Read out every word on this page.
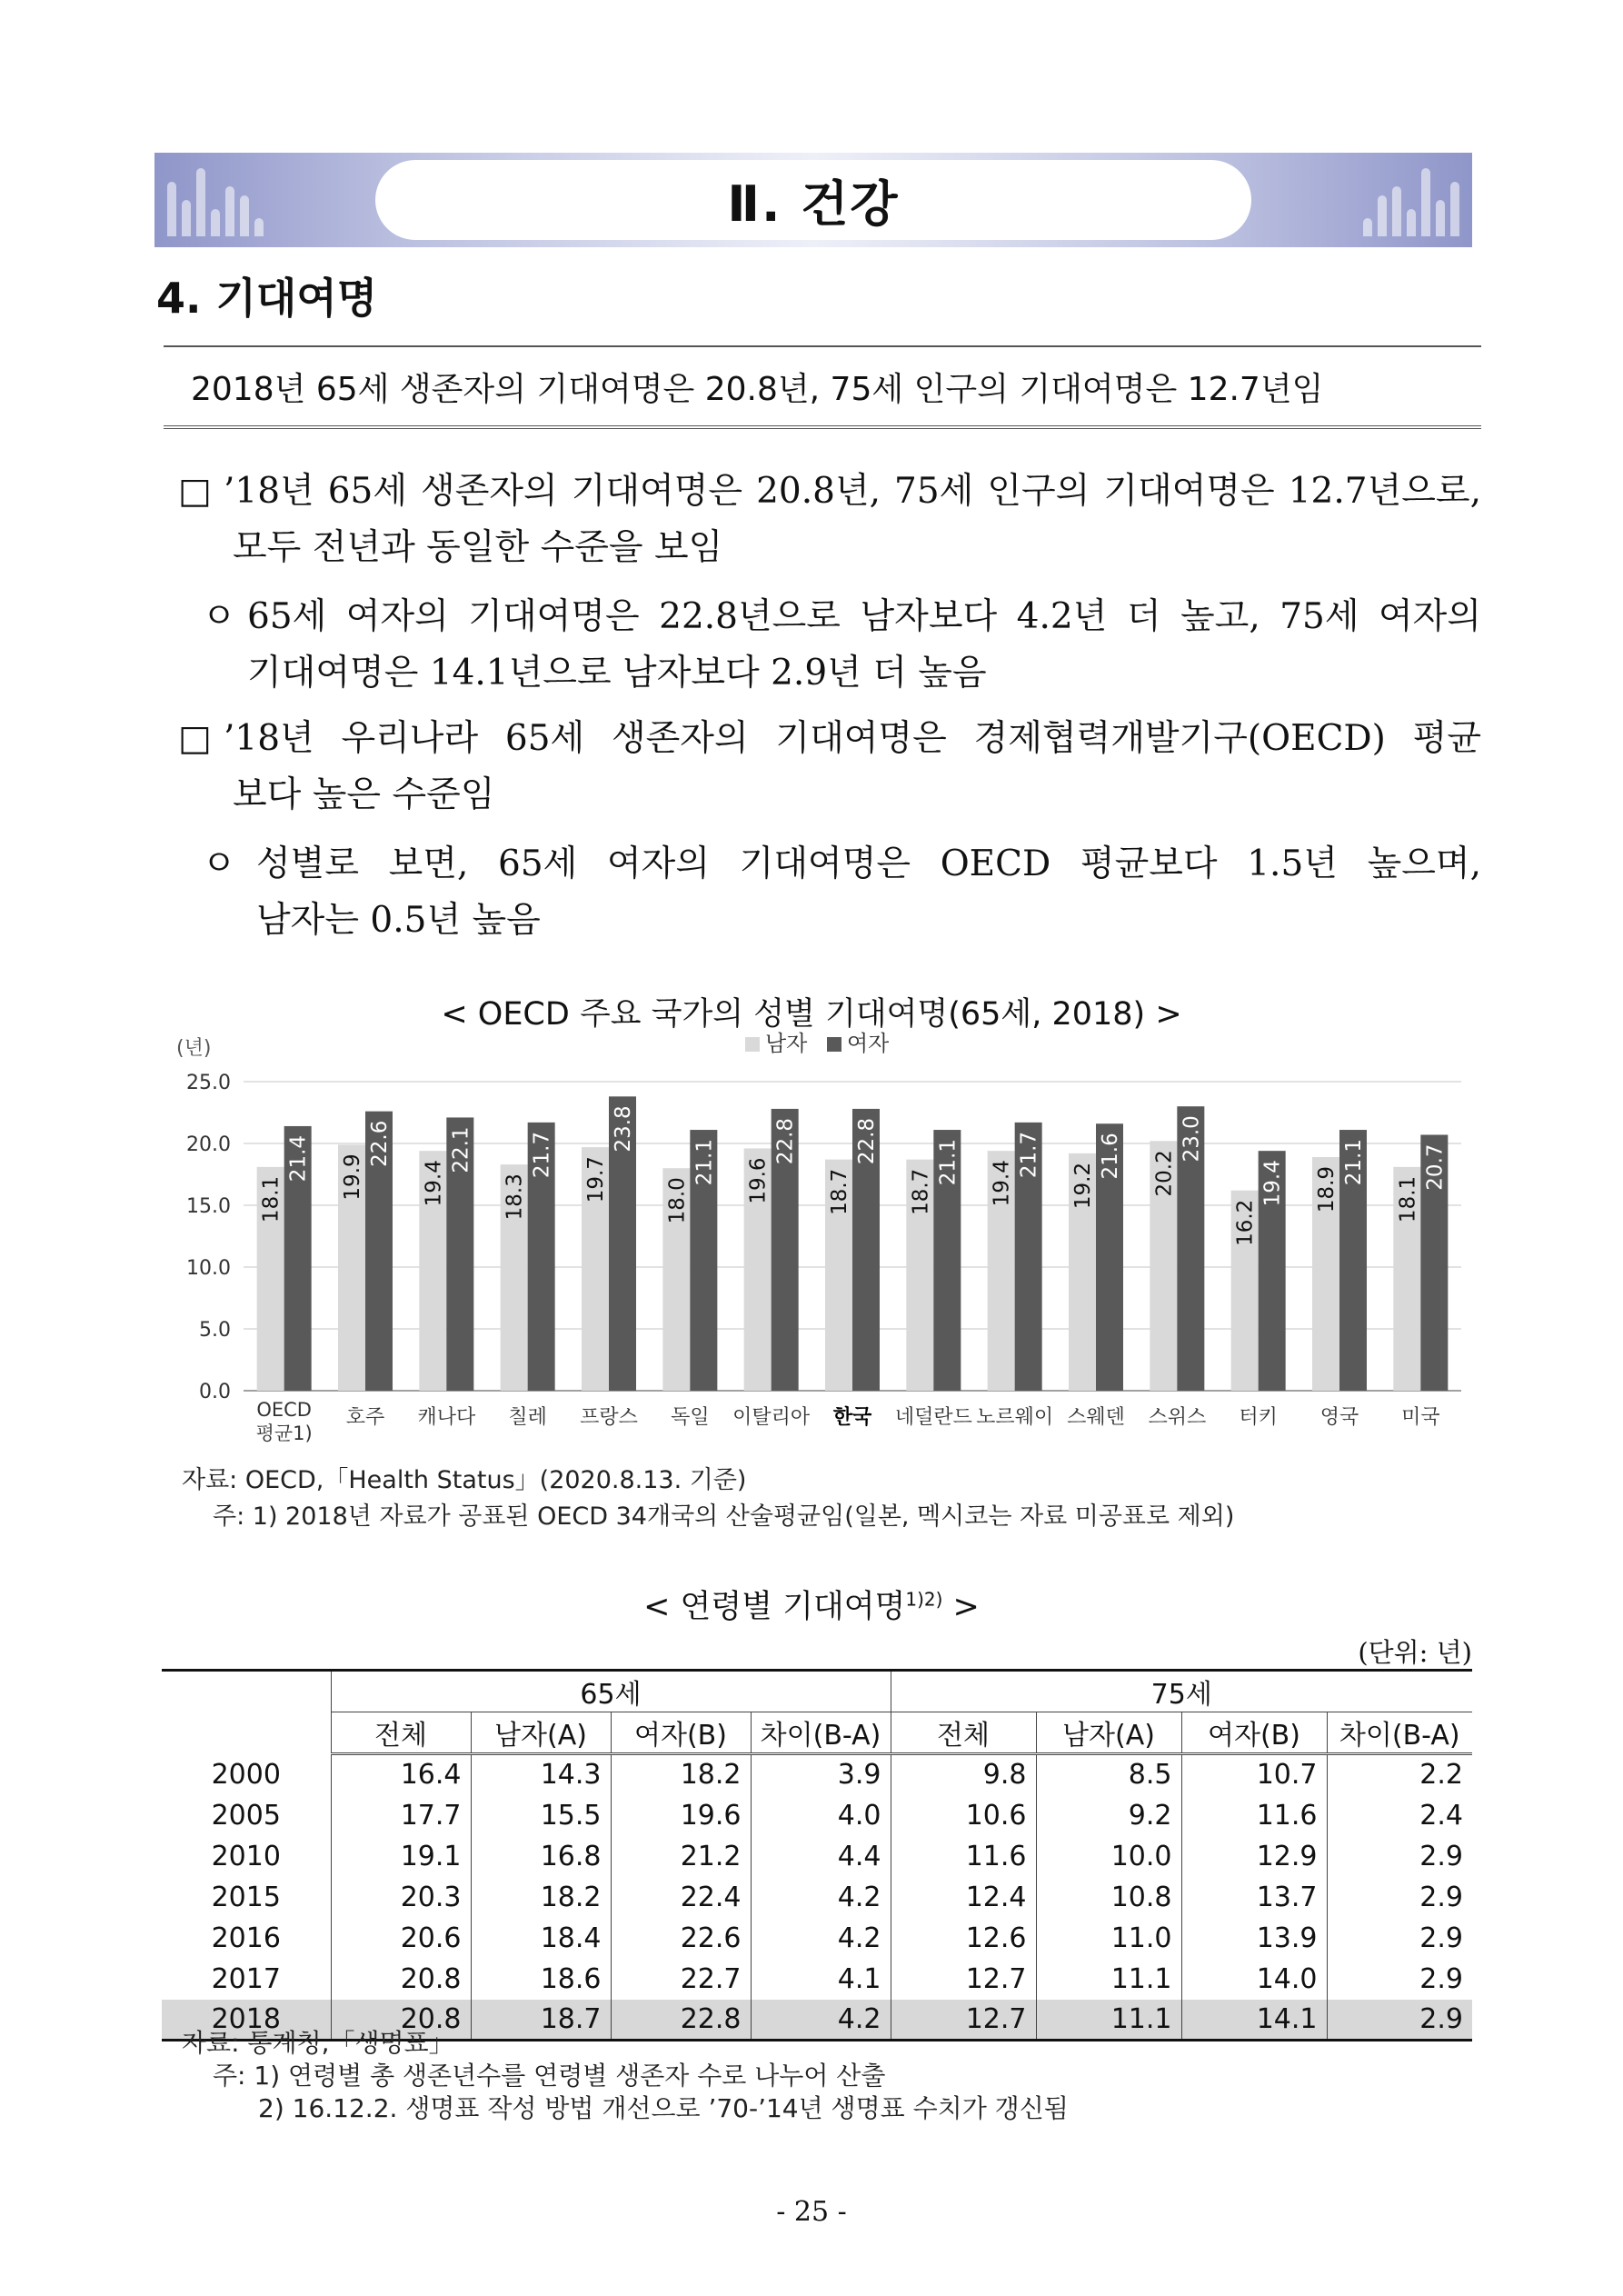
Ⅱ. 건강
4. 기대여명
2018년 65세 생존자의 기대여명은 20.8년, 75세 인구의 기대여명은 12.7년임
□ ’18년 65세 생존자의 기대여명은 20.8년, 75세 인구의 기대여명은 12.7년으로,
모두 전년과 동일한 수준을 보임
ㅇ 65세 여자의 기대여명은 22.8년으로 남자보다 4.2년 더 높고, 75세 여자의
기대여명은 14.1년으로 남자보다 2.9년 더 높음
□ ’18년 우리나라 65세 생존자의 기대여명은 경제협력개발기구(OECD) 평균
보다 높은 수준임
ㅇ 성별로 보면, 65세 여자의 기대여명은 OECD 평균보다 1.5년 높으며,
남자는 0.5년 높음
< OECD 주요 국가의 성별 기대여명(65세, 2018) >
(년)
0.0
5.0
10.0
15.0
20.0
25.0
남자 여자
18.1
21.4
OECD
평균1)
19.9
22.6
호주
19.4
22.1
캐나다
18.3
21.7
칠레
19.7
23.8
프랑스
18.0
21.1
독일
19.6
22.8
이탈리아
18.7
22.8
한국
18.7
21.1
네덜란드
19.4
21.7
노르웨이
19.2
21.6
스웨덴
20.2
23.0
스위스
16.2
19.4
터키
18.9
21.1
영국
18.1
20.7
미국
자료: OECD,「Health Status」(2020.8.13. 기준)
주: 1) 2018년 자료가 공표된 OECD 34개국의 산술평균임(일본, 멕시코는 자료 미공표로 제외)
< 연령별 기대여명$^{1)2)}$ >
(단위: 년)
	65세				75세			
	전체	남자(A)	여자(B)	차이(B-A)	전체	남자(A)	여자(B)	차이(B-A)
2000	16.4	14.3	18.2	3.9	9.8	8.5	10.7	2.2
2005	17.7	15.5	19.6	4.0	10.6	9.2	11.6	2.4
2010	19.1	16.8	21.2	4.4	11.6	10.0	12.9	2.9
2015	20.3	18.2	22.4	4.2	12.4	10.8	13.7	2.9
2016	20.6	18.4	22.6	4.2	12.6	11.0	13.9	2.9
2017	20.8	18.6	22.7	4.1	12.7	11.1	14.0	2.9
2018	20.8	18.7	22.8	4.2	12.7	11.1	14.1	2.9
자료: 통계청,「생명표」
주: 1) 연령별 총 생존년수를 연령별 생존자 수로 나누어 산출
2) 16.12.2. 생명표 작성 방법 개선으로 ’70-’14년 생명표 수치가 갱신됨
- 25 -
